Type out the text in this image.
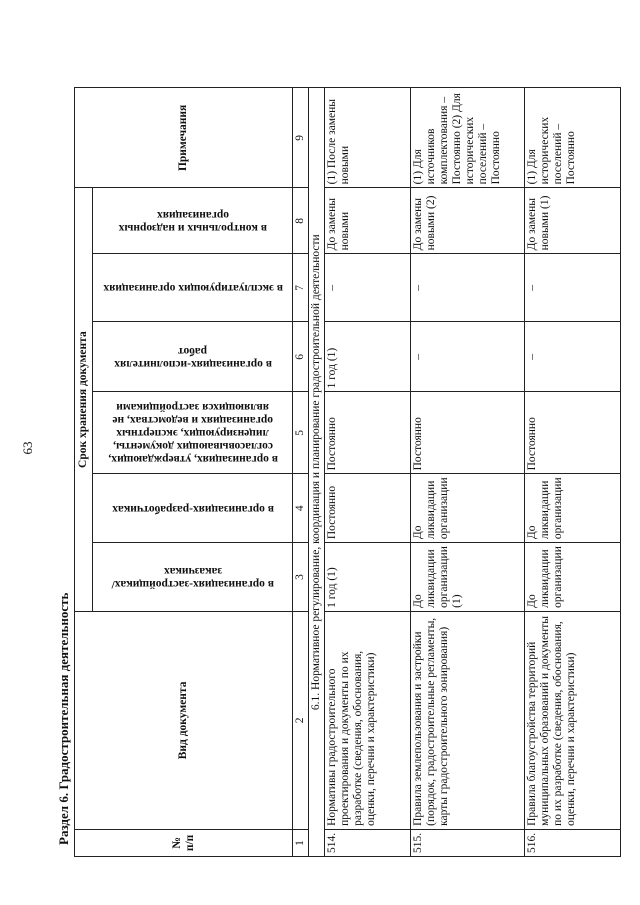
63
Раздел 6. Градостроительная деятельность	№ п/п	Вид документа	Срок хранения документа						Примечания

		в организациях-застройщиках/заказчиках	в организациях-разработчиках	в организациях, утверждающих, согласовывающих документы, лицензирующих, экспертных организациях и ведомствах, не являющихся застройщиками	в организациях-исполнителях работ	в эксплуатирующих организациях	в контрольных и надзорных организациях	

1	2	3	4	5	6	7	8	9
6.1. Нормативное регулирование, координация и планирование градостроительной деятельности								
514.	Нормативы градостроительного проектирования и документы по их разработке (сведения, обоснования, оценки, перечни и характеристики)	1 год (1)	Постоянно	Постоянно	1 год (1)	–	До замены новыми	(1) После замены новыми
515.	Правила землепользования и застройки (порядок, градостроительные регламенты, карты градостроительного зонирования)	До ликвидации организации (1)	До ликвидации организации	Постоянно	–	–	До замены новыми (2)	(1) Для источников комплектования – Постоянно (2) Для исторических поселений – Постоянно
516.	Правила благоустройства территорий муниципальных образований и документы по их разработке (сведения, обоснования, оценки, перечни и характеристики)	До ликвидации организации	До ликвидации организации	Постоянно	–	–	До замены новыми (1)	(1) Для исторических поселений – Постоянно
